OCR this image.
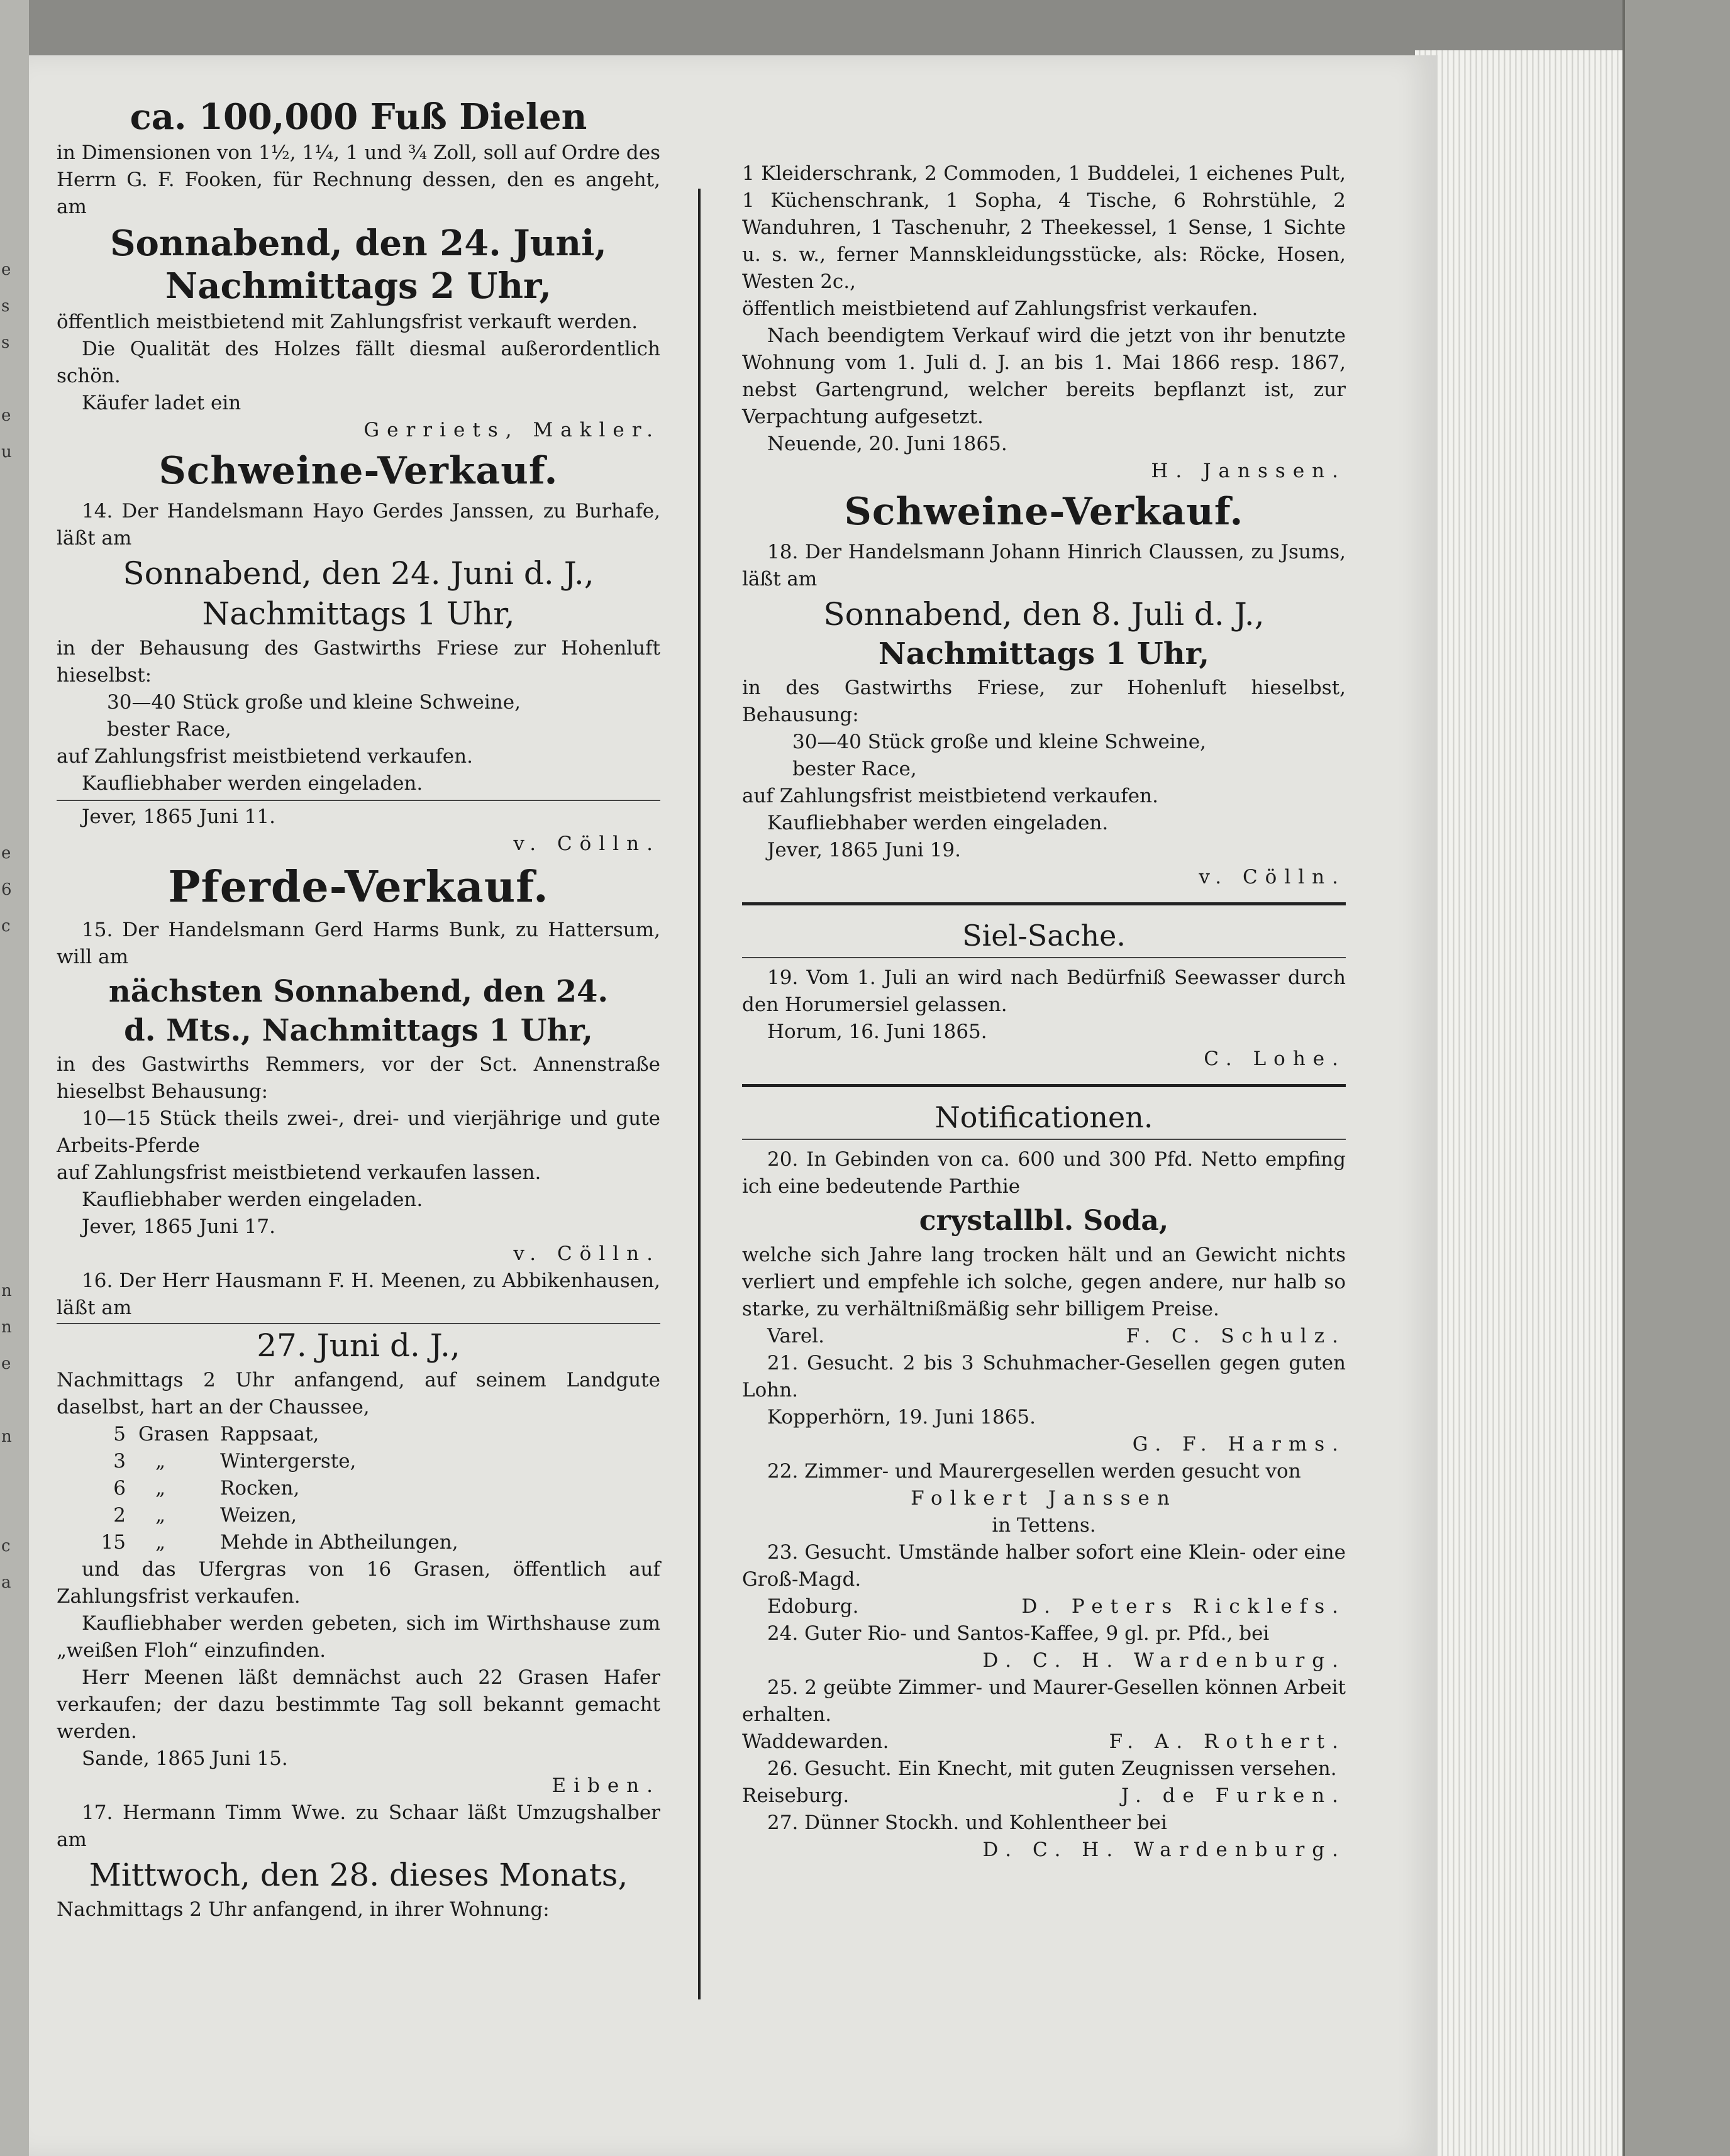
e
s
s

e
u

e
6
c

n
n
e

n

c
a
ca. 100,000 Fuß Dielen

in Dimensionen von 1½, 1¼, 1 und ¾ Zoll, soll auf Ordre des Herrn G. F. Fooken, für Rechnung dessen, den es angeht, am

Sonnabend, den 24. Juni,
Nachmittags 2 Uhr,

öffentlich meistbietend mit Zahlungsfrist verkauft werden.

Die Qualität des Holzes fällt diesmal außerordentlich schön.

Käufer ladet ein

Gerriets, Makler.

Schweine-Verkauf.

14. Der Handelsmann Hayo Gerdes Janssen, zu Burhafe, läßt am

Sonnabend, den 24. Juni d. J.,
Nachmittags 1 Uhr,

in der Behausung des Gastwirths Friese zur Hohenluft hieselbst:

30—40 Stück große und kleine Schweine,

bester Race,

auf Zahlungsfrist meistbietend verkaufen.

Kaufliebhaber werden eingeladen.

Jever, 1865 Juni 11.

v. Cölln.

Pferde-Verkauf.

15. Der Handelsmann Gerd Harms Bunk, zu Hattersum, will am

nächsten Sonnabend, den 24.
d. Mts., Nachmittags 1 Uhr,

in des Gastwirths Remmers, vor der Sct. Annenstraße hieselbst Behausung:

10—15 Stück theils zwei-, drei- und vierjährige und gute Arbeits-Pferde

auf Zahlungsfrist meistbietend verkaufen lassen.

Kaufliebhaber werden eingeladen.

Jever, 1865 Juni 17.

v. Cölln.

16. Der Herr Hausmann F. H. Meenen, zu Abbikenhausen, läßt am

27. Juni d. J.,

Nachmittags 2 Uhr anfangend, auf seinem Landgute daselbst, hart an der Chaussee,

5 Grasen Rappsaat,
3	„	Wintergerste,
6	„	Rocken,
2	„	Weizen,
15	„	Mehde in Abtheilungen,

und das Ufergras von 16 Grasen, öffentlich auf Zahlungsfrist verkaufen.

Kaufliebhaber werden gebeten, sich im Wirthshause zum „weißen Floh“ einzufinden.

Herr Meenen läßt demnächst auch 22 Grasen Hafer verkaufen; der dazu bestimmte Tag soll bekannt gemacht werden.

Sande, 1865 Juni 15.

Eiben.

17. Hermann Timm Wwe. zu Schaar läßt Umzugshalber am

Mittwoch, den 28. dieses Monats,

Nachmittags 2 Uhr anfangend, in ihrer Wohnung:

1 Kleiderschrank, 2 Commoden, 1 Buddelei, 1 eichenes Pult, 1 Küchenschrank, 1 Sopha, 4 Tische, 6 Rohrstühle, 2 Wanduhren, 1 Taschenuhr, 2 Theekessel, 1 Sense, 1 Sichte u. s. w., ferner Mannskleidungsstücke, als: Röcke, Hosen, Westen 2c.,

öffentlich meistbietend auf Zahlungsfrist verkaufen.

Nach beendigtem Verkauf wird die jetzt von ihr benutzte Wohnung vom 1. Juli d. J. an bis 1. Mai 1866 resp. 1867, nebst Gartengrund, welcher bereits bepflanzt ist, zur Verpachtung aufgesetzt.

Neuende, 20. Juni 1865.

H. Janssen.

Schweine-Verkauf.

18. Der Handelsmann Johann Hinrich Claussen, zu Jsums, läßt am

Sonnabend, den 8. Juli d. J.,
Nachmittags 1 Uhr,

in des Gastwirths Friese, zur Hohenluft hieselbst, Behausung:

30—40 Stück große und kleine Schweine,

bester Race,

auf Zahlungsfrist meistbietend verkaufen.

Kaufliebhaber werden eingeladen.

Jever, 1865 Juni 19.

v. Cölln.

Siel-Sache.

19. Vom 1. Juli an wird nach Bedürfniß Seewasser durch den Horumersiel gelassen.

Horum, 16. Juni 1865.

C. Lohe.

Notificationen.

20. In Gebinden von ca. 600 und 300 Pfd. Netto empfing ich eine bedeutende Parthie

crystallbl. Soda,

welche sich Jahre lang trocken hält und an Gewicht nichts verliert und empfehle ich solche, gegen andere, nur halb so starke, zu verhältnißmäßig sehr billigem Preise.

Varel.	F. C. Schulz.

21. Gesucht. 2 bis 3 Schuhmacher-Gesellen gegen guten Lohn.

Kopperhörn, 19. Juni 1865.

G. F. Harms.

22. Zimmer- und Maurergesellen werden gesucht von

Folkert Janssen

in Tettens.

23. Gesucht. Umstände halber sofort eine Klein- oder eine Groß-Magd.

Edoburg.	D. Peters Ricklefs.

24. Guter Rio- und Santos-Kaffee, 9 gl. pr. Pfd., bei

D. C. H. Wardenburg.

25. 2 geübte Zimmer- und Maurer-Gesellen können Arbeit erhalten.

Waddewarden.	F. A. Rothert.

26. Gesucht. Ein Knecht, mit guten Zeugnissen versehen.

Reiseburg.	J. de Furken.

27. Dünner Stockh. und Kohlentheer bei

D. C. H. Wardenburg.
